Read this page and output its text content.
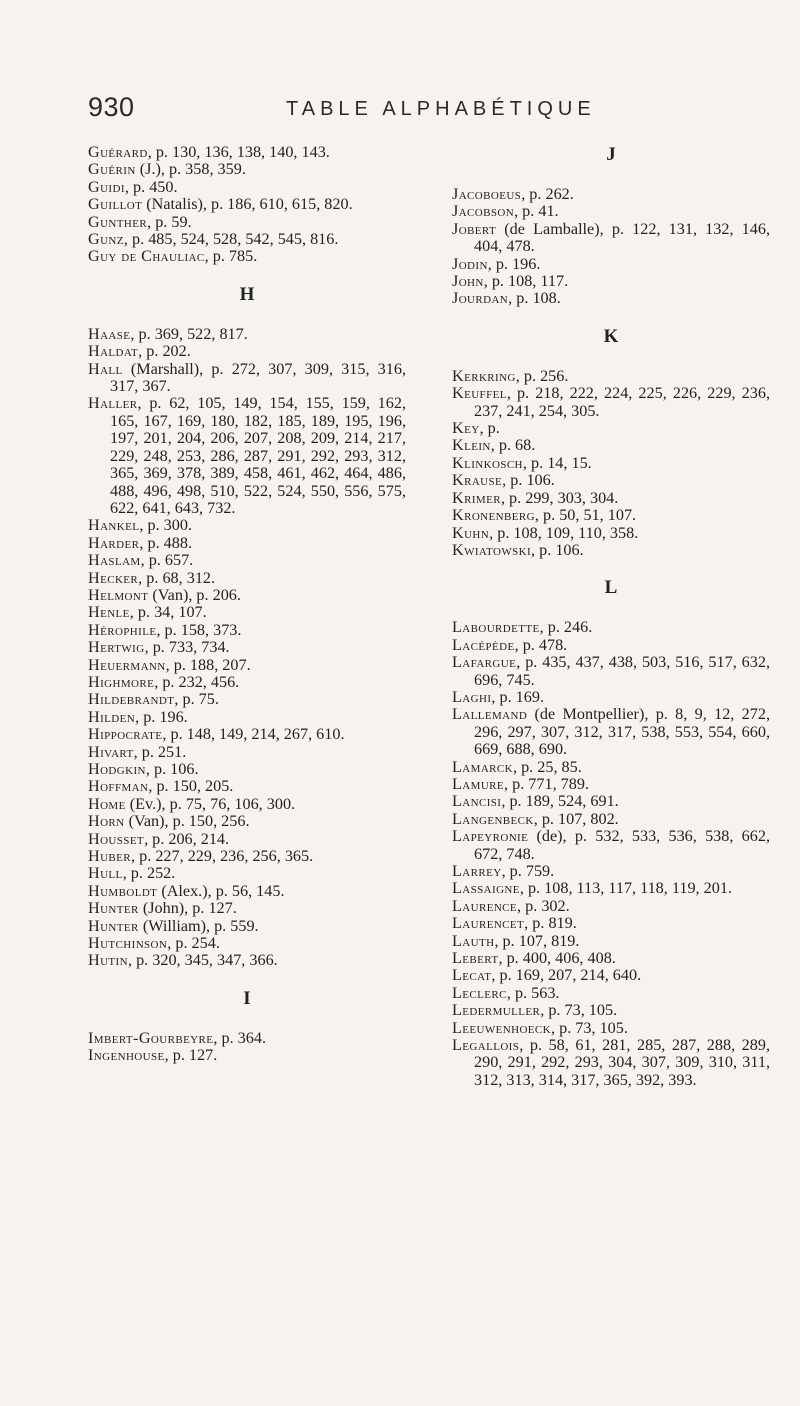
930	TABLE ALPHABÉTIQUE

Guérard, p. 130, 136, 138, 140, 143.

Guérin (J.), p. 358, 359.

Guidi, p. 450.

Guillot (Natalis), p. 186, 610, 615, 820.

Gunther, p. 59.

Gunz, p. 485, 524, 528, 542, 545, 816.

Guy de Chauliac, p. 785.

H

Haase, p. 369, 522, 817.

Haldat, p. 202.

Hall (Marshall), p. 272, 307, 309, 315, 316, 317, 367.

Haller, p. 62, 105, 149, 154, 155, 159, 162, 165, 167, 169, 180, 182, 185, 189, 195, 196, 197, 201, 204, 206, 207, 208, 209, 214, 217, 229, 248, 253, 286, 287, 291, 292, 293, 312, 365, 369, 378, 389, 458, 461, 462, 464, 486, 488, 496, 498, 510, 522, 524, 550, 556, 575, 622, 641, 643, 732.

Hankel, p. 300.

Harder, p. 488.

Haslam, p. 657.

Hecker, p. 68, 312.

Helmont (Van), p. 206.

Henle, p. 34, 107.

Hérophile, p. 158, 373.

Hertwig, p. 733, 734.

Heuermann, p. 188, 207.

Highmore, p. 232, 456.

Hildebrandt, p. 75.

Hilden, p. 196.

Hippocrate, p. 148, 149, 214, 267, 610.

Hivart, p. 251.

Hodgkin, p. 106.

Hoffman, p. 150, 205.

Home (Ev.), p. 75, 76, 106, 300.

Horn (Van), p. 150, 256.

Housset, p. 206, 214.

Huber, p. 227, 229, 236, 256, 365.

Hull, p. 252.

Humboldt (Alex.), p. 56, 145.

Hunter (John), p. 127.

Hunter (William), p. 559.

Hutchinson, p. 254.

Hutin, p. 320, 345, 347, 366.

I

Imbert-Gourbeyre, p. 364.

Ingenhouse, p. 127.

J

Jacoboeus, p. 262.

Jacobson, p. 41.

Jobert (de Lamballe), p. 122, 131, 132, 146, 404, 478.

Jodin, p. 196.

John, p. 108, 117.

Jourdan, p. 108.

K

Kerkring, p. 256.

Keuffel, p. 218, 222, 224, 225, 226, 229, 236, 237, 241, 254, 305.

Key, p.

Klein, p. 68.

Klinkosch, p. 14, 15.

Krause, p. 106.

Krimer, p. 299, 303, 304.

Kronenberg, p. 50, 51, 107.

Kuhn, p. 108, 109, 110, 358.

Kwiatowski, p. 106.

L

Labourdette, p. 246.

Lacépède, p. 478.

Lafargue, p. 435, 437, 438, 503, 516, 517, 632, 696, 745.

Laghi, p. 169.

Lallemand (de Montpellier), p. 8, 9, 12, 272, 296, 297, 307, 312, 317, 538, 553, 554, 660, 669, 688, 690.

Lamarck, p. 25, 85.

Lamure, p. 771, 789.

Lancisi, p. 189, 524, 691.

Langenbeck, p. 107, 802.

Lapeyronie (de), p. 532, 533, 536, 538, 662, 672, 748.

Larrey, p. 759.

Lassaigne, p. 108, 113, 117, 118, 119, 201.

Laurence, p. 302.

Laurencet, p. 819.

Lauth, p. 107, 819.

Lebert, p. 400, 406, 408.

Lecat, p. 169, 207, 214, 640.

Leclerc, p. 563.

Ledermuller, p. 73, 105.

Leeuwenhoeck, p. 73, 105.

Legallois, p. 58, 61, 281, 285, 287, 288, 289, 290, 291, 292, 293, 304, 307, 309, 310, 311, 312, 313, 314, 317, 365, 392, 393.
